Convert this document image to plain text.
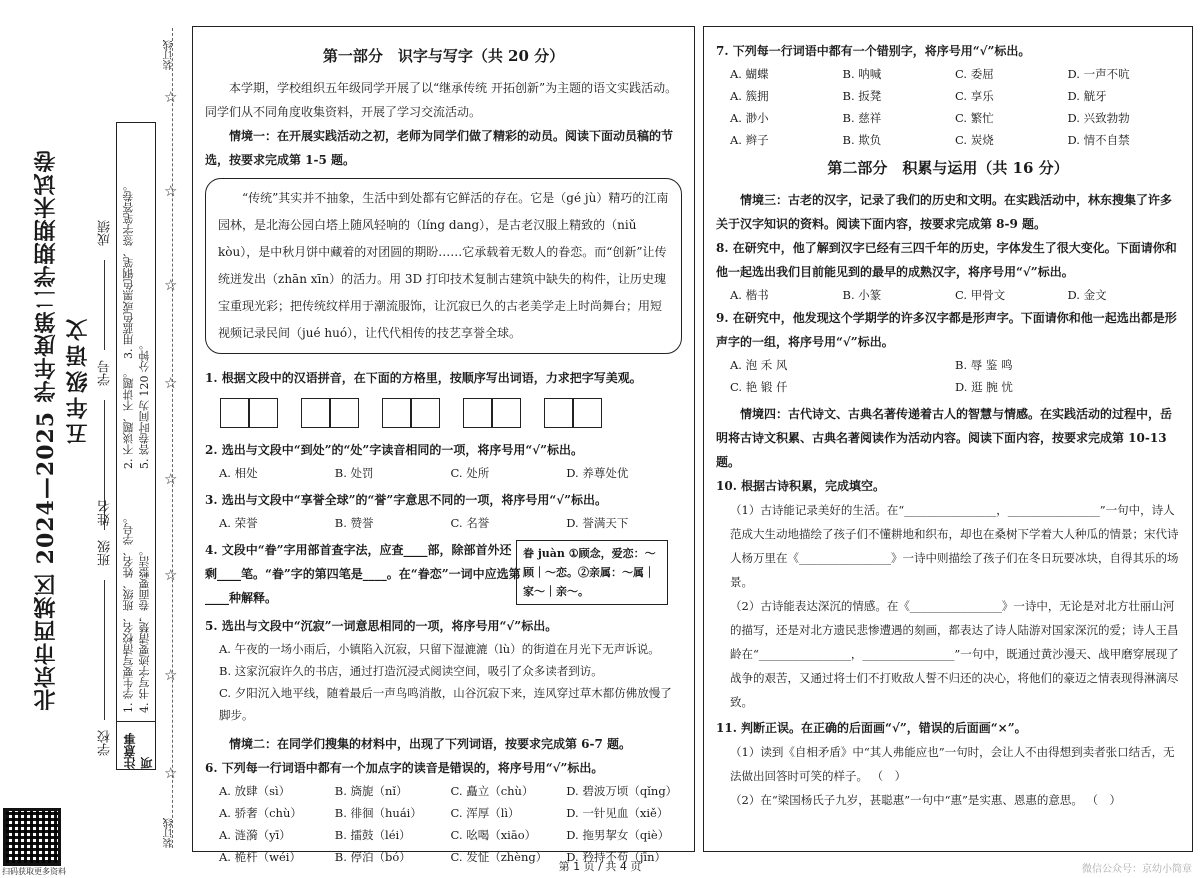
北京市西城区 2024—2025 学年度第二学期期末试卷 五年级语文
学校
班级
姓名
学号
成绩
注意事项
1. 学生要写清校名、班级、姓名、学号。 4. 书写字迹要清楚，卷面要整洁。
2. 不谈题、不讲题。 5. 答卷时间为 120 分钟。
3. 用蓝色或黑色钢笔、签字笔答卷。
装订线
装订线
☆
☆
☆
☆
☆
☆
☆
☆
扫码获取更多资料
第一部分　识字与写字（共 20 分）

本学期，学校组织五年级同学开展了以“继承传统 开拓创新”为主题的语文实践活动。同学们从不同角度收集资料，开展了学习交流活动。

情境一：在开展实践活动之初，老师为同学们做了精彩的动员。阅读下面动员稿的节选，按要求完成第 1-5 题。

“传统”其实并不抽象，生活中到处都有它鲜活的存在。它是（gé jù）精巧的江南园林，是北海公园白塔上随风轻响的（líng dang），是古老汉服上精致的（niǔ kòu），是中秋月饼中藏着的对团圆的期盼……它承载着无数人的眷恋。而“创新”让传统迸发出（zhān xīn）的活力。用 3D 打印技术复制古建筑中缺失的构件，让历史瑰宝重现光彩；把传统纹样用于潮流服饰，让沉寂已久的古老美学走上时尚舞台；用短视频记录民间（jué huó），让代代相传的技艺享誉全球。

1. 根据文段中的汉语拼音，在下面的方格里，按顺序写出词语，力求把字写美观。

2. 选出与文段中“到处”的“处”字读音相同的一项，将序号用“√”标出。

A. 相处	B. 处罚	C. 处所	D. 养尊处优

3. 选出与文段中“享誉全球”的“誉”字意思不同的一项，将序号用“√”标出。

A. 荣誉	B. 赞誉	C. 名誉	D. 誉满天下

4. 文段中“眷”字用部首查字法，应查____部，除部首外还剩____笔。“眷”字的第四笔是____。在“眷恋”一词中应选第____种解释。

眷 juàn ①顾念，爱恋：～顾｜～恋。②亲属：～属｜家～｜亲～。

5. 选出与文段中“沉寂”一词意思相同的一项，将序号用“√”标出。

A. 午夜的一场小雨后，小镇陷入沉寂，只留下湿漉漉（lù）的街道在月光下无声诉说。
B. 这家沉寂许久的书店，通过打造沉浸式阅读空间，吸引了众多读者到访。
C. 夕阳沉入地平线，随着最后一声鸟鸣消散，山谷沉寂下来，连风穿过草木都仿佛放慢了脚步。

情境二：在同学们搜集的材料中，出现了下列词语，按要求完成第 6-7 题。

6. 下列每一行词语中都有一个加点字的读音是错误的，将序号用“√”标出。

A. 放肆（sì）	B. 旖旎（nǐ）	C. 矗立（chù）	D. 碧波万顷（qǐng）
A. 骄奢（chù）	B. 徘徊（huái）	C. 浑厚（lì）	D. 一针见血（xiě）
A. 涟漪（yī）	B. 擂鼓（léi）	C. 吆喝（xiāo）	D. 拖男挈女（qiè）
A. 桅杆（wéi）	B. 停泊（bó）	C. 发怔（zhèng）	D. 矜持不苟（jīn）

7. 下列每一行词语中都有一个错别字，将序号用“√”标出。

A. 蝴蝶	B. 呐喊	C. 委屈	D. 一声不吭
A. 簇拥	B. 扳凳	C. 享乐	D. 觥牙
A. 渺小	B. 慈祥	C. 繁忙	D. 兴致勃勃
A. 辫子	B. 欺负	C. 炭烧	D. 情不自禁
第二部分　积累与运用（共 16 分）

情境三：古老的汉字，记录了我们的历史和文明。在实践活动中，林东搜集了许多关于汉字知识的资料。阅读下面内容，按要求完成第 8-9 题。

8. 在研究中，他了解到汉字已经有三四千年的历史，字体发生了很大变化。下面请你和他一起选出我们目前能见到的最早的成熟汉字，将序号用“√”标出。

A. 楷书	B. 小篆	C. 甲骨文	D. 金文

9. 在研究中，他发现这个学期学的许多汉字都是形声字。下面请你和他一起选出都是形声字的一组，将序号用“√”标出。

A. 泡 禾 风	B. 辱 鉴 鸣
C. 艳 锻 仟	D. 逛 腕 忧

情境四：古代诗文、古典名著传递着古人的智慧与情感。在实践活动的过程中，岳明将古诗文积累、古典名著阅读作为活动内容。阅读下面内容，按要求完成第 10-13 题。

10. 根据古诗积累，完成填空。

（1）古诗能记录美好的生活。在“________________，________________”一句中，诗人范成大生动地描绘了孩子们不懂耕地和织布，却也在桑树下学着大人种瓜的情景；宋代诗人杨万里在《________________》一诗中则描绘了孩子们在冬日玩要冰块，自得其乐的场景。

（2）古诗能表达深沉的情感。在《________________》一诗中，无论是对北方壮丽山河的描写，还是对北方遗民悲惨遭遇的刻画，都表达了诗人陆游对国家深沉的爱；诗人王昌龄在“________________，________________”一句中，既通过黄沙漫天、战甲磨穿展现了战争的艰苦，又通过将士们不打败敌人誓不归还的决心，将他们的豪迈之情表现得淋漓尽致。

11. 判断正误。在正确的后面画“√”，错误的后面画“×”。

（1）读到《自相矛盾》中“其人弗能应也”一句时，会让人不由得想到卖者张口结舌，无法做出回答时可笑的样子。 （　）

（2）在“梁国杨氏子九岁，甚聪惠”一句中“惠”是实惠、恩惠的意思。 （　）

第 1 页 / 共 4 页	微信公众号：京幼小简章
